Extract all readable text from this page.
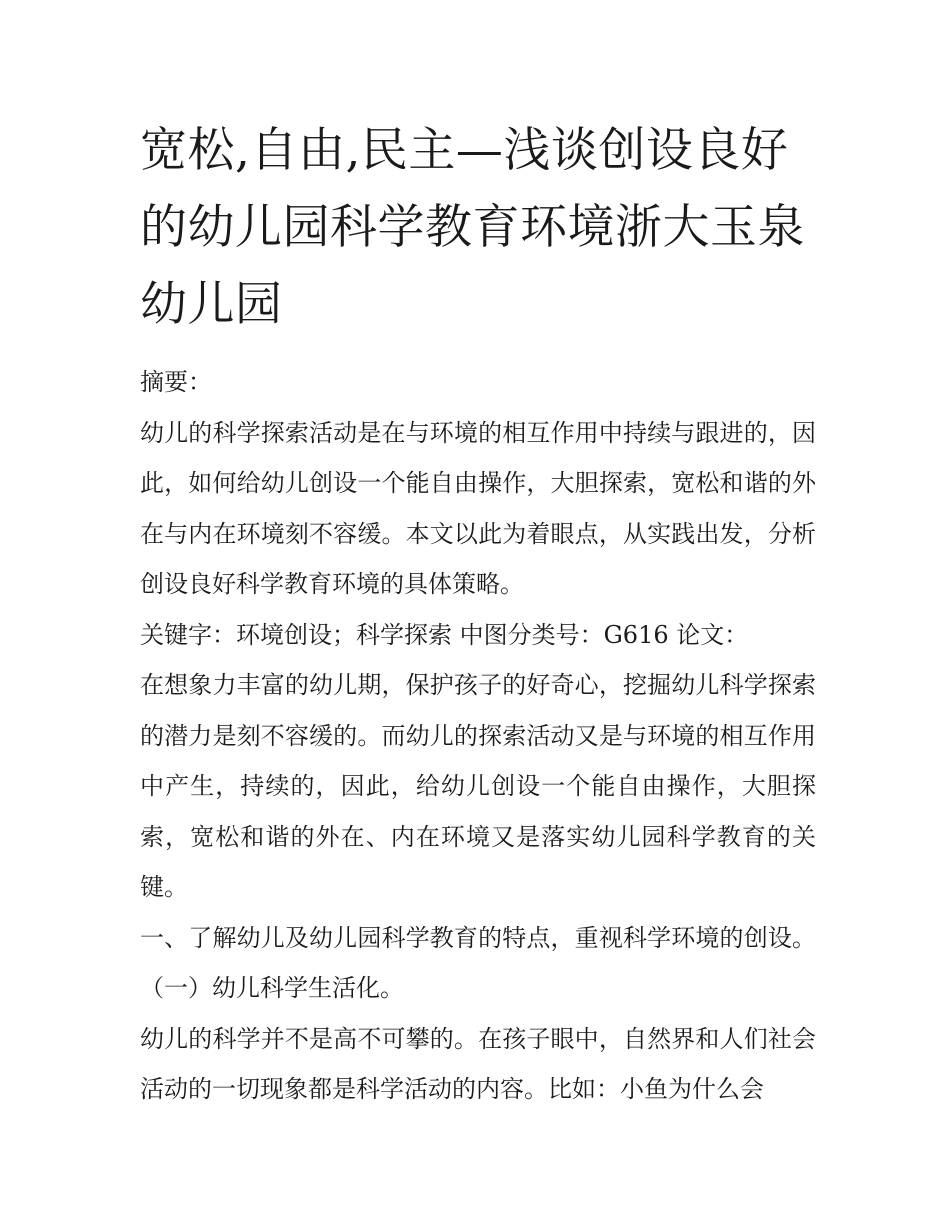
宽松,自由,民主—浅谈创设良好的幼儿园科学教育环境浙大玉泉幼儿园

摘要：

幼儿的科学探索活动是在与环境的相互作用中持续与跟进的，因此，如何给幼儿创设一个能自由操作，大胆探索，宽松和谐的外在与内在环境刻不容缓。本文以此为着眼点，从实践出发，分析创设良好科学教育环境的具体策略。

关键字：环境创设；科学探索 中图分类号：G616 论文：

在想象力丰富的幼儿期，保护孩子的好奇心，挖掘幼儿科学探索的潜力是刻不容缓的。而幼儿的探索活动又是与环境的相互作用中产生，持续的，因此，给幼儿创设一个能自由操作，大胆探索，宽松和谐的外在、内在环境又是落实幼儿园科学教育的关键。

一、了解幼儿及幼儿园科学教育的特点，重视科学环境的创设。（一）幼儿科学生活化。

幼儿的科学并不是高不可攀的。在孩子眼中，自然界和人们社会活动的一切现象都是科学活动的内容。比如：小鱼为什么会
